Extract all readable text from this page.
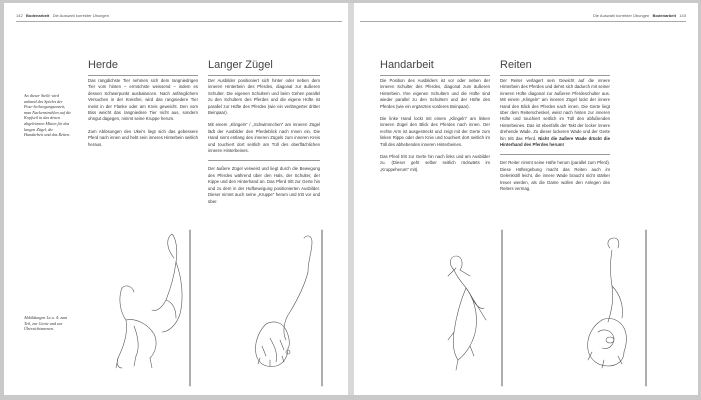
142 Bodenarbeit Die Auswahl korrekter Übungen
An dieser Stelle wird anhand des Spieles der Pose-Seilwegungsenzeit, man Nackenstrahlen auf die Kopfseil in das denen abgeleimten Mitten für das langen Zügel, die Handarbeit und das Reiten.
Abbildungen 1a u. 4: zum Teil, zur Genie und zur Übersichtsmenen.
Herde

Das rangdichste Tier nehmen sich dem rangniedrigen Tier vom hinten – ermöchste weissend – indem es dessen Schwerpunkt ausbalancen. Nach anfänglichem Versuchen in der Kreisfrei, wird das rangniedere Tier meist in der Flanke oder am Kreis geweicht. Den vom Biss weicht das rangniedere Tier nicht aus, sondern ohngut dagegen, nimmt seine Kruppe herum.

Zum Ablösungen des Ukei's liegt sich das gebessere Pferd nach innen und hebt sein inneres Hinterbein seitlich heraus.

Langer Zügel

Der Ausbilder positioniert sich hinter oder neben dem inneren Hinterbein des Pferdes, diagonal zur äußeren Schulter. Die eigenen Schultern und beim Gehen parallel zu den Schultern des Pferdes und die eigene Hüfte ist parallel zur Hüfte des Pferdes (wie ein verlängerter dritter Beinpaar).

Mit einem „Klingeln“ / „Schwimmchen“ am inneren Zügel lädt der Ausbilder den Pferdeblick nach Innen ein. Die Hand sinnt entlang des inneren Zügels zum inneren Kreis und touchiert dort seitlich am Tüll des oberflächlichen inneren Hinterbeines.

Der äußere Zügel verweist und liegt durch die Bewegung des Pferdes während über den Hals, der Schulter, der Kippe und den Hinterhand an. Das Pferd tritt zur Gerte hin und zu dem in der Hufbewegung positionierten Ausbilder. Dieser nimmt auch seine „Kruppe“ herum und tritt vor und über.

Die Auswahl korrekter Übungen Bodenarbeit 143
Handarbeit

Die Position des Ausbilders ist vor oder neben der inneren Schulter des Pferdes, diagonal zum äußeren Hinterbein. Ihre eigenen Schultern und die Hüfte sind wieder parallel zu den Schultern und der Hüfte des Pferdes (wie ein ergänztes vorderes Beinpaar).

Die linke Hand lockt mit einem „Klingeln“ am linken inneren Zügel den Blick des Pferdes nach innen. Der rechte Arm ist ausgestreckt und zeigt mit der Gerte zum linken Rippe oder dem Knie und touchiert dort seitlich im Tüll des abhebenden inneren Hinterbeines.

Das Pferd tritt zur Gerte hin nach links und am Ausbilder zu. (Dieser geht selber seitlich rückwärts im „Kruppeherum“ mit).

Reiten

Der Reiter verlagert sein Gewicht auf die innere Hinterbein des Pferdes und dehnt sich dadurch mit seiner inneren Hüfte diagonal zur äußeren Pferdeschulter aus. Mit einem „Klingeln“ am inneren Zügel lockt der innere Hand den Blick des Pferdes nach innen. Die Gerte liegt über dem Reiterschenkel, weist nach hinten zur inneren Hüfte und touchiert seitlich im Tüll des abfußenden Hinterbeines. Das ist ebenfalls der Takt der locker innere drehende Wade. Zu dieser lockeren Wade und der Gerte hin tritt das Pferd. Nicht die äußere Wade drückt die Hinterhand des Pferdes herum!

Der Reiter nimmt seine Hüfte herum (parallel zum Pferd). Diese Hüftergebung macht das Reiten auch im Gelenkstill leicht, die innere Wade braucht nicht stärker treuer werden, als die Dame wollen den Anlegen des Reiters vermag.
